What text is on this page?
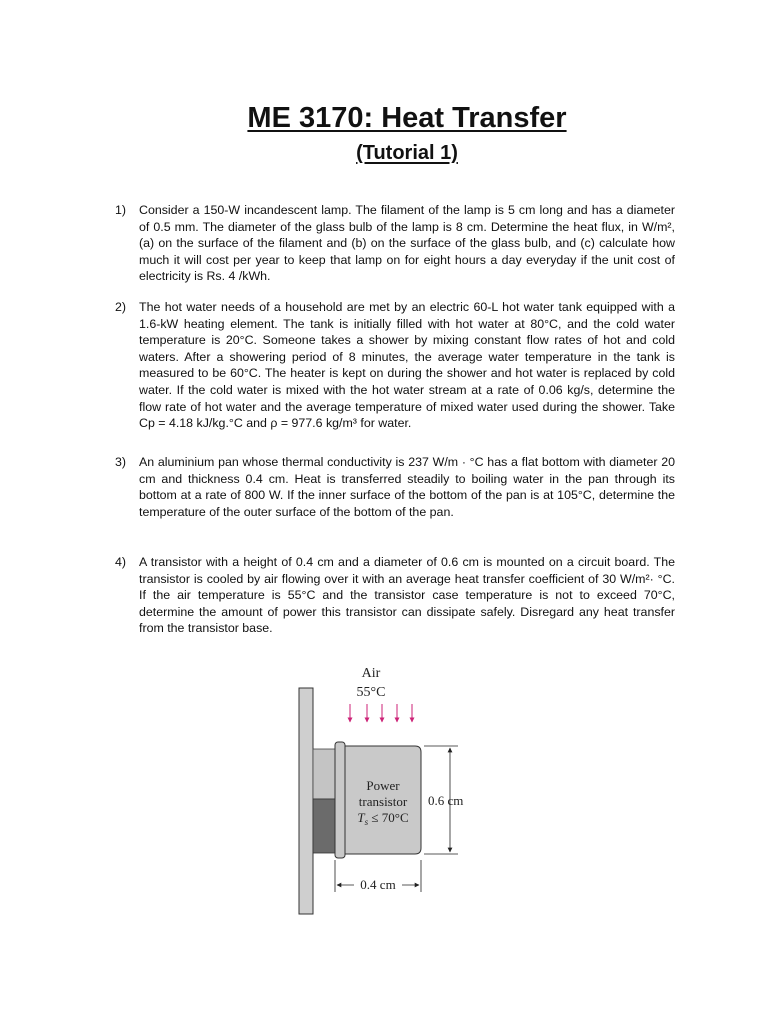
ME 3170: Heat Transfer
(Tutorial 1)
1) Consider a 150-W incandescent lamp. The filament of the lamp is 5 cm long and has a diameter of 0.5 mm. The diameter of the glass bulb of the lamp is 8 cm. Determine the heat flux, in W/m², (a) on the surface of the filament and (b) on the surface of the glass bulb, and (c) calculate how much it will cost per year to keep that lamp on for eight hours a day everyday if the unit cost of electricity is Rs. 4 /kWh.
2) The hot water needs of a household are met by an electric 60-L hot water tank equipped with a 1.6-kW heating element. The tank is initially filled with hot water at 80°C, and the cold water temperature is 20°C. Someone takes a shower by mixing constant flow rates of hot and cold waters. After a showering period of 8 minutes, the average water temperature in the tank is measured to be 60°C. The heater is kept on during the shower and hot water is replaced by cold water. If the cold water is mixed with the hot water stream at a rate of 0.06 kg/s, determine the flow rate of hot water and the average temperature of mixed water used during the shower. Take Cp = 4.18 kJ/kg.°C and ρ = 977.6 kg/m³ for water.
3) An aluminium pan whose thermal conductivity is 237 W/m · °C has a flat bottom with diameter 20 cm and thickness 0.4 cm. Heat is transferred steadily to boiling water in the pan through its bottom at a rate of 800 W. If the inner surface of the bottom of the pan is at 105°C, determine the temperature of the outer surface of the bottom of the pan.
4) A transistor with a height of 0.4 cm and a diameter of 0.6 cm is mounted on a circuit board. The transistor is cooled by air flowing over it with an average heat transfer coefficient of 30 W/m²· °C. If the air temperature is 55°C and the transistor case temperature is not to exceed 70°C, determine the amount of power this transistor can dissipate safely. Disregard any heat transfer from the transistor base.
Air
55°C
Power
transistor
$T_s \le 70^\circ C$
0.6 cm
0.4 cm
